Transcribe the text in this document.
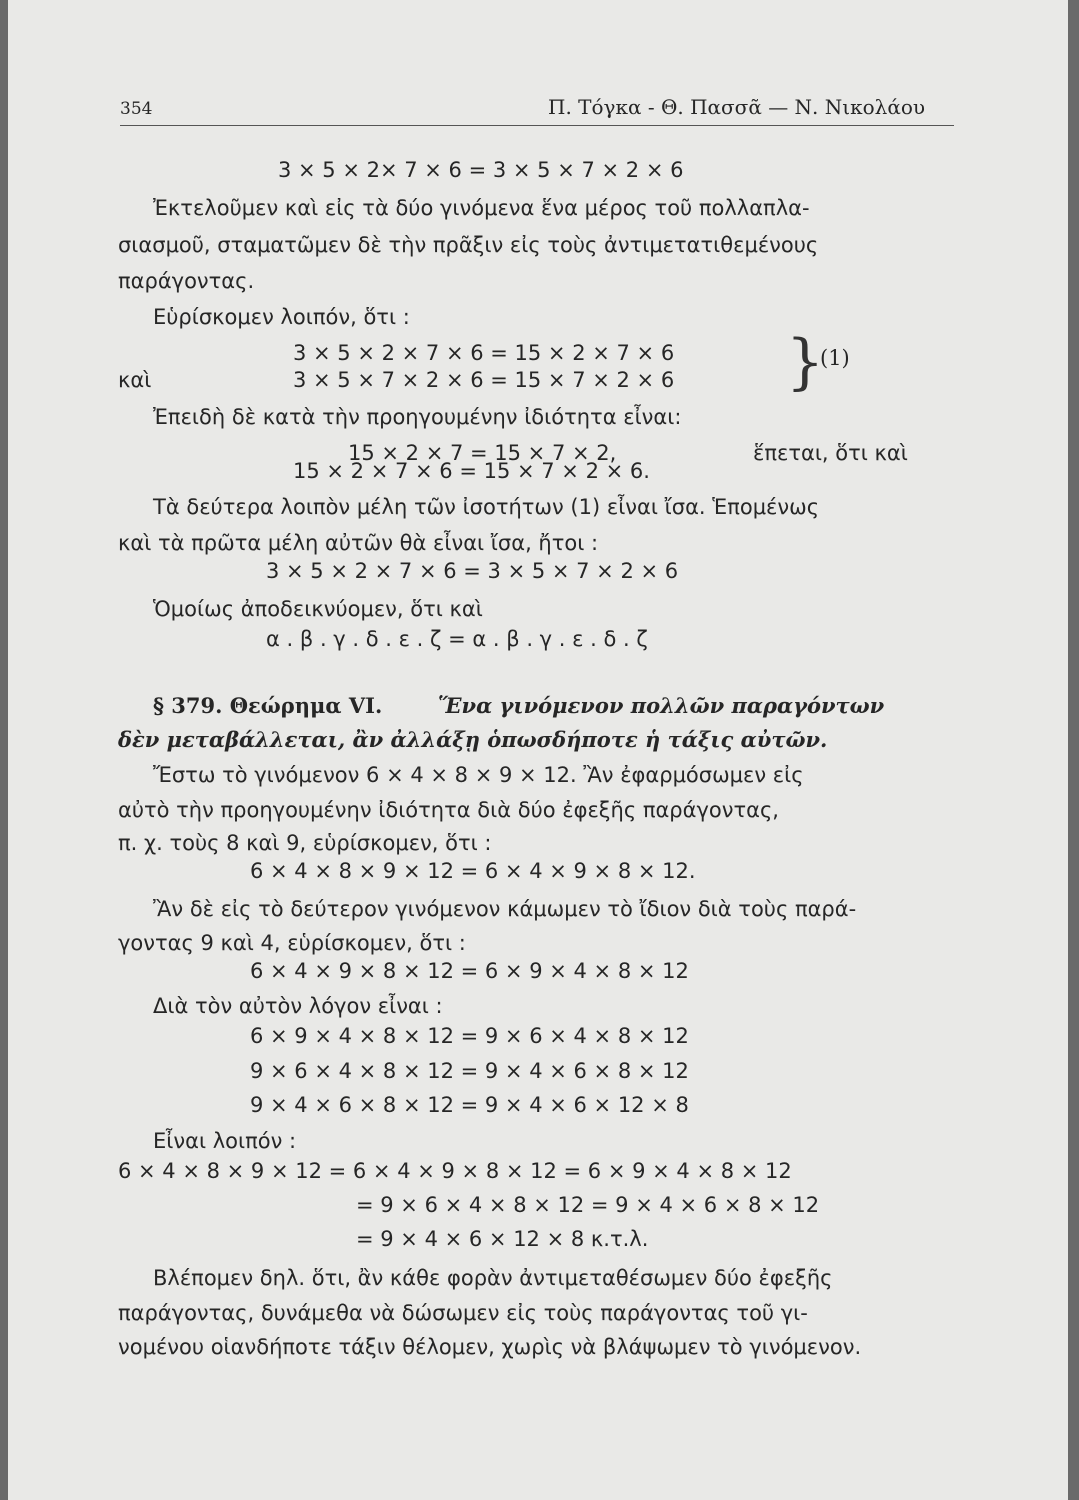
354	Π. Τόγκα - Θ. Πασσᾶ — Ν. Νικολάου
3 × 5 × 2× 7 × 6 = 3 × 5 × 7 × 2 × 6
Ἐκτελοῦμεν καὶ εἰς τὰ δύο γινόμενα ἕνα μέρος τοῦ πολλαπλα-
σιασμοῦ, σταματῶμεν δὲ τὴν πρᾶξιν εἰς τοὺς ἀντιμετατιθεμένους
παράγοντας.
Εὑρίσκομεν λοιπόν, ὅτι :
3 × 5 × 2 × 7 × 6 = 15 × 2 × 7 × 6
καὶ	3 × 5 × 7 × 2 × 6 = 15 × 7 × 2 × 6 }
(1)
Ἐπειδὴ δὲ κατὰ τὴν προηγουμένην ἰδιότητα εἶναι:
15 × 2 × 7 = 15 × 7 × 2,	ἕπεται, ὅτι καὶ
15 × 2 × 7 × 6 = 15 × 7 × 2 × 6.
Τὰ δεύτερα λοιπὸν μέλη τῶν ἰσοτήτων (1) εἶναι ἴσα. Ἑπομένως
καὶ τὰ πρῶτα μέλη αὐτῶν θὰ εἶναι ἴσα, ἤτοι :
3 × 5 × 2 × 7 × 6 = 3 × 5 × 7 × 2 × 6
Ὁμοίως ἀποδεικνύομεν, ὅτι καὶ
α . β . γ . δ . ε . ζ = α . β . γ . ε . δ . ζ
§ 379. Θεώρημα VI.	Ἕνα γινόμενον πολλῶν παραγόντων
δὲν μεταβάλλεται, ἂν ἀλλάξῃ ὁπωσδήποτε ἡ τάξις αὐτῶν.
Ἔστω τὸ γινόμενον 6 × 4 × 8 × 9 × 12. Ἂν ἐφαρμόσωμεν εἰς
αὐτὸ τὴν προηγουμένην ἰδιότητα διὰ δύο ἐφεξῆς παράγοντας,
π. χ. τοὺς 8 καὶ 9, εὑρίσκομεν, ὅτι :
6 × 4 × 8 × 9 × 12 = 6 × 4 × 9 × 8 × 12.
Ἂν δὲ εἰς τὸ δεύτερον γινόμενον κάμωμεν τὸ ἴδιον διὰ τοὺς παρά-
γοντας 9 καὶ 4, εὑρίσκομεν, ὅτι :
6 × 4 × 9 × 8 × 12 = 6 × 9 × 4 × 8 × 12
Διὰ τὸν αὐτὸν λόγον εἶναι :
6 × 9 × 4 × 8 × 12 = 9 × 6 × 4 × 8 × 12
9 × 6 × 4 × 8 × 12 = 9 × 4 × 6 × 8 × 12
9 × 4 × 6 × 8 × 12 = 9 × 4 × 6 × 12 × 8
Εἶναι λοιπόν :
6 × 4 × 8 × 9 × 12 = 6 × 4 × 9 × 8 × 12 = 6 × 9 × 4 × 8 × 12
= 9 × 6 × 4 × 8 × 12 = 9 × 4 × 6 × 8 × 12
= 9 × 4 × 6 × 12 × 8 κ.τ.λ.
Βλέπομεν δηλ. ὅτι, ἂν κάθε φορὰν ἀντιμεταθέσωμεν δύο ἐφεξῆς
παράγοντας, δυνάμεθα νὰ δώσωμεν εἰς τοὺς παράγοντας τοῦ γι-
νομένου οἱανδήποτε τάξιν θέλομεν, χωρὶς νὰ βλάψωμεν τὸ γινόμενον.
